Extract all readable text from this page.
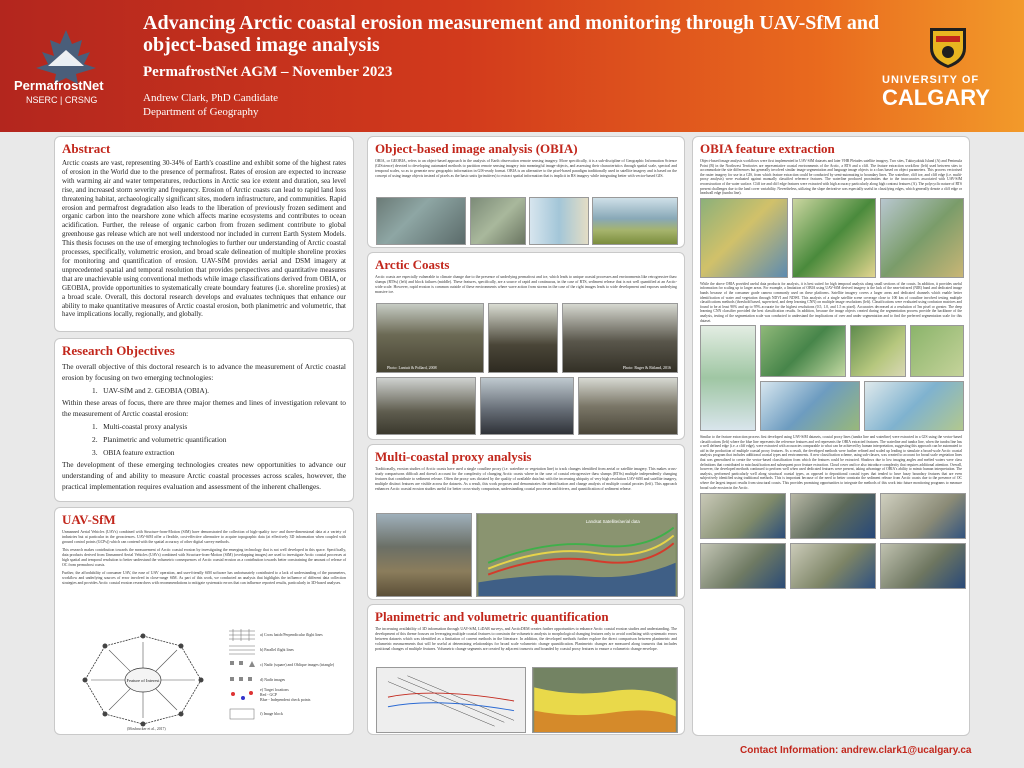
PermafrostNet
NSERC | CRSNG
Advancing Arctic coastal erosion measurement and monitoring through UAV-SfM and object-based image analysis
PermafrostNet AGM – November 2023
Andrew Clark, PhD Candidate
Department of Geography
UNIVERSITY OF
CALGARY
Abstract
Arctic coasts are vast, representing 30-34% of Earth's coastline and exhibit some of the highest rates of erosion in the World due to the presence of permafrost. Rates of erosion are expected to increase with warming air and water temperatures, reductions in Arctic sea ice extent and duration, sea level rise, and increased storm severity and frequency. Erosion of Arctic coasts can lead to rapid land loss threatening habitat, archaeologically significant sites, modern infrastructure, and communities. Rapid erosion and permafrost degradation also leads to the liberation of previously frozen sediment and organic carbon into the nearshore zone which affects marine ecosystems and contributes to ocean acidification. Further, the release of organic carbon from frozen sediment contribute to global greenhouse gas release which are not well understood nor included in current Earth System Models. This thesis focuses on the use of emerging technologies to further our understanding of Arctic coastal processes, specifically, volumetric erosion, and broad scale delineation of multiple shoreline proxies for monitoring and quantification of erosion. UAV-SfM provides aerial and DSM imagery at unprecedented spatial and temporal resolution that provides perspectives and quantitative measures that are unachievable using conventional methods while image classifications derived from OBIA, or GEOBIA, provide opportunities to systematically create boundary features (i.e. shoreline proxies) at a broad scale. Overall, this doctoral research develops and evaluates techniques that enhance our ability to make quantitative measures of Arctic coastal erosion, both planimetric and volumetric, that have implications locally, regionally, and globally.
Research Objectives
The overall objective of this doctoral research is to advance the measurement of Arctic coastal erosion by focusing on two emerging technologies:
1.   UAV-SfM and 2. GEOBIA (OBIA).
Within these areas of focus, there are three major themes and lines of investigation relevant to the measurement of Arctic coastal erosion:
1.   Multi-coastal proxy analysis
2.   Planimetric and volumetric quantification
3.   OBIA feature extraction
The development of these emerging technologies creates new opportunities to advance our understanding of and ability to measure Arctic coastal processes across scales, however, the practical implementation requires evaluation and assessment of the inherent challenges.
UAV-SfM
Unmanned Aerial Vehicles (UAVs) combined with Structure-from-Motion (SfM) have demonstrated the collection of high-quality two- and three-dimensional data at a variety of industries but at particular in the geosciences. UAV-SfM offer a flexible, cost-effective alternative to acquire topographic data (at effectively 3D information when coupled with ground control points (GCPs)) which can contend with the spatial accuracy of other digital survey methods.
This research makes contribution towards the measurement of Arctic coastal erosion by investigating the emerging technology that is not well developed in this space. Specifically, data products derived from Unmanned Aerial Vehicles (UAVs) combined with Structure-from-Motion (SfM) (overlapping images) are used to investigate Arctic coastal processes at high spatial and temporal resolution to better understand the volumetric consequences of Arctic coastal erosion as a contribution towards better constraining the amount of release of OC from permafrost coasts.
Further, the affordability of consumer UAV, the ease of UAV operation, and user-friendly SfM software has unfortunately contributed to a lack of understanding of the parameters, workflow and underlying sources of error involved in close-range SfM. As part of this work, we conducted an analysis that highlights the influence of different data collection strategies and provides Arctic coastal erosion researchers with recommendations to mitigate systematic errors that can influence reported results, particularly in 3D-based analyses.
Feature of Interest
(Mosbrucker et al., 2017)
a) Cross hatch/Perpendicular flight lines
b) Parallel flight lines
c) Nadir (square) and Oblique images (triangle)
d) Nadir images
e) Target locations
Red - GCP
Blue - Independent check points
f) Image block
Object-based image analysis (OBIA)
OBIA, or GEOBIA, refers to an object-based approach in the analysis of Earth observation remote sensing imagery. More specifically, it is a sub-discipline of Geographic Information Science (GIScience) devoted to developing automated methods to partition remote sensing imagery into meaningful image-objects, and assessing their characteristics through spatial scale, spectral and temporal scales, so as to generate new geographic information in GIS-ready format. OBIA is an alternative to the pixel-based paradigm traditionally used in satellite imagery and is based on the concept of using image objects instead of pixels as the basic units (primitives) to extract spatial information that is implicit in RS imagery while integrating better with vector-based GIS.
Arctic Coasts
Arctic coasts are especially vulnerable to climate change due to the presence of underlying permafrost and ice, which leads to unique coastal processes and environments like retrogressive thaw slumps (RTSs) (left) and block failures (middle). These features, specifically, are a source of rapid and continuous, in the case of RTS, sediment release that is not well quantified at an Arctic-wide scale. However, rapid erosion is common outside of these environments where wave action from storms in the case of the right images leads to wide development and exposes underlying massive ice.
Photo: Lantuit & Pollard, 2008	Photo: Ruger & Ritland, 2016
Multi-coastal proxy analysis
Traditionally, erosion studies of Arctic coasts have used a single coastline proxy (i.e. waterline or vegetation line) to track changes identified from aerial or satellite imagery. This makes cross-study comparisons difficult and doesn't account for the complexity of changing Arctic coasts where in the case of coastal retrogressive thaw slumps (RTSs) multiple independently changing features that contribute to sediment release. Often the proxy was dictated by the quality of available data but with the increasing ubiquity of very high resolution UAV-SfM and satellite imagery, multiple distinct features are visible across the datasets. As a result, this work proposes and demonstrates the identification and change analysis of multiple coastal proxies (left). This approach enhances Arctic coastal erosion studies useful for better cross-study comparison, understanding coastal processes and drivers, and quantification of sediment release.
Landsat Satellite/aerial data
Planimetric and volumetric quantification
The increasing availability of 3D information through UAV-SfM, LiDAR surveys, and ArcticDEM creates further opportunities to enhance Arctic coastal erosion studies and understanding. The development of this theme focuses on leveraging multiple coastal features to constrain the volumetric analysis to morphological changing features only to avoid conflating with systematic errors between datasets which was identified as a limitation of current methods in the literature. In addition, the developed methods further explore the direct comparison between planimetric and volumetric measurements that will be useful at determining relationships for broad scale volumetric change quantification. Planimetric changes are measured along transects that includes positional changes of multiple features. Volumetric change segments are created by adjacent transects and bounded by coastal proxy features to ensure a volumetric change envelope.
OBIA feature extraction
Object-based image analysis workflows were first implemented in UAV-SfM datasets and later VHR Pleiades satellite imagery. Two sites, Tuktoyaktuk Island (A) and Peninsula Point (B) in the Northwest Territories are representative coastal environments of the Arctic, a RTS and a cliff. The feature extraction workflow (left) used between sites to accommodate the site differences but generally involved similar image segmentation and language image objects to a class based on object parameters. This process vectorised the raster imagery for use in a GIS, from which feature extraction could be conducted by semi-automating to boundary lines. The waterline, cliff toe, and cliff edge (i.e. multi-proxy analysis) were evaluated against manually classified reference features. The waterline produced proximities due to the inaccuracies associated with UAV-SfM reconstruction of the water surface. Cliff toe and cliff edge features were extracted with high accuracy particularly along high contrast features (A). The polycyclic nature of RTS present challenges due to the land cover variability. Nevertheless, utilizing the slope derivative was especially useful in classifying edges, which generally denote a cliff edge or headwall edge (tundra line).
While the above OBIA provided useful data products for analysis, it is best suited for high temporal analysis along small sections of the coasts. In addition, it provides useful information for scaling up to larger areas. For example, a limitation of OBIA using UAV-SfM derived imagery is the lack of the near-infrared (NIR) band and dedicated image bands because of the consumer grade camera commonly used on these platforms. Satellite imagery covers a larger areas and dedicated channels which enable better identification of water and vegetation through NDVI and NDWI. This analysis of a single satellite scene coverage close to 100 km of coastline involved testing multiple classifications methods (threshold based, supervised, and deep learning CNN) on multiple image resolutions (left). Classifications were evaluated using confusion matrices and found to be at least 90% and up to 95% accurate for the highest resolutions (0.5, 1.0, and 1.5 m pixel). Accuracies decreased at a resolution of 5m pixel or greater. The deep learning CNN classifier provided the best classification results. In addition, because the image objects created during the segmentation process provide the backbone of the analysis, testing of the segmentation scale was conducted to understand the implications of over and under segmentation and to find the preferred segmentation scale for this dataset.
Similar to the feature extraction process first developed using UAV-SfM datasets, coastal proxy lines (tundra line and waterline) were extracted in a GIS using the vector-based classifications (left) where the blue line represents the reference features and red represents the OBIA extracted features. The waterline and tundra line, when the tundra line has a well defined edge (i.e. a cliff edge), were extracted with accuracies comparable to what can be achieved by human interpretation, suggesting this approach can be automated to aid in the production of multiple coastal proxy features. As a result, the developed methods were further refined and scaled up leading to simulate a broad-scale Arctic coastal analysis program that includes additional coastal types and environments. A new classification scheme, using sub-classes, was created to account for broad scale vegetation lines that was generalized to create the vector-based classification from which the features could be extracted. Shadows due to low imaging angles and melted waters were class definitions that contributed to misclassification and subsequent poor feature extraction. Cloud cover and ice also introduce complexity that requires additional attention. Overall, however, the developed methods continued to perform well when used dedicated features were present, taking advantage of OBIA's ability to mimic human interpretation. The analysis, performed particularly well along structural coastal types, as opposed to depositional coastal types that tended to have fuzzy boundary features that are even subjectively identified using traditional methods. This is important because of the need to better constrain the sediment release from Arctic coasts due to the presence of OC where the largest impact results from structural coasts. This provides promising opportunities to integrate the methods of this work into future monitoring programs to measure broad scale erosion in the Arctic.
Contact Information: andrew.clark1@ucalgary.ca
